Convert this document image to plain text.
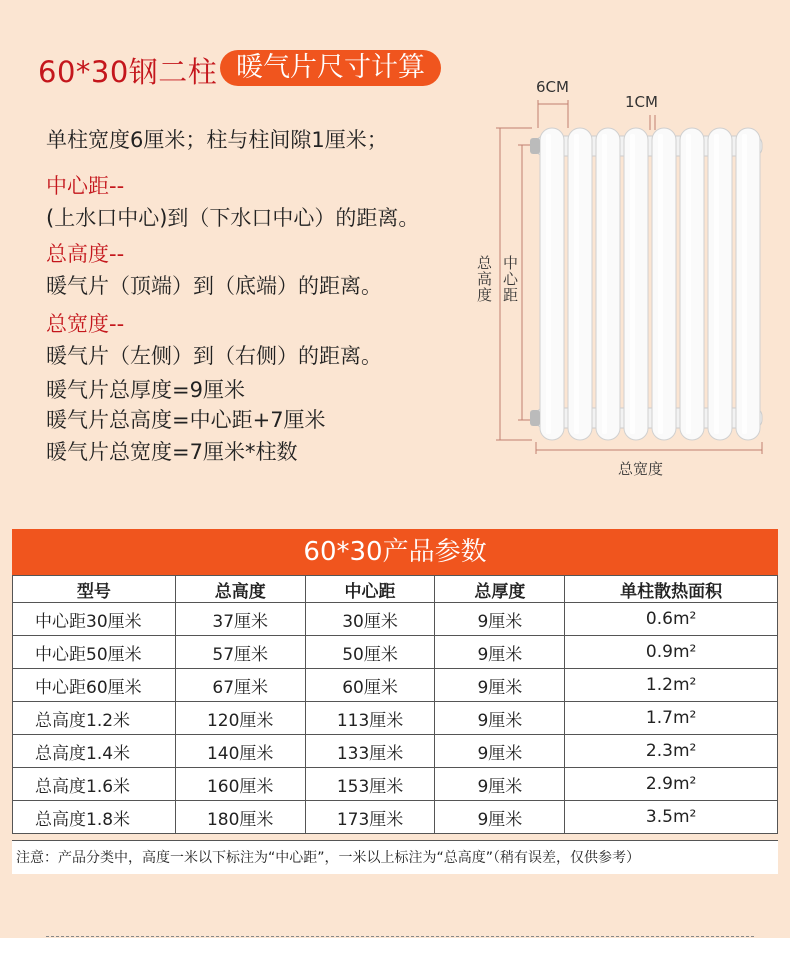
60*30钢二柱 暖气片尺寸计算
单柱宽度6厘米；柱与柱间隙1厘米；
中心距--
(上水口中心)到（下水口中心）的距离。
总高度--
暖气片（顶端）到（底端）的距离。
总宽度--
暖气片（左侧）到（右侧）的距离。
暖气片总厚度=9厘米
暖气片总高度=中心距+7厘米
暖气片总宽度=7厘米*柱数
6CM
1CM
总高度 中心距
总宽度
60*30产品参数
型号	总高度	中心距	总厚度	单柱散热面积
中心距30厘米	37厘米	30厘米	9厘米	0.6m²
中心距50厘米	57厘米	50厘米	9厘米	0.9m²
中心距60厘米	67厘米	60厘米	9厘米	1.2m²
总高度1.2米	120厘米	113厘米	9厘米	1.7m²
总高度1.4米	140厘米	133厘米	9厘米	2.3m²
总高度1.6米	160厘米	153厘米	9厘米	2.9m²
总高度1.8米	180厘米	173厘米	9厘米	3.5m²
注意：产品分类中，高度一米以下标注为“中心距”，一米以上标注为“总高度”（稍有误差，仅供参考）
